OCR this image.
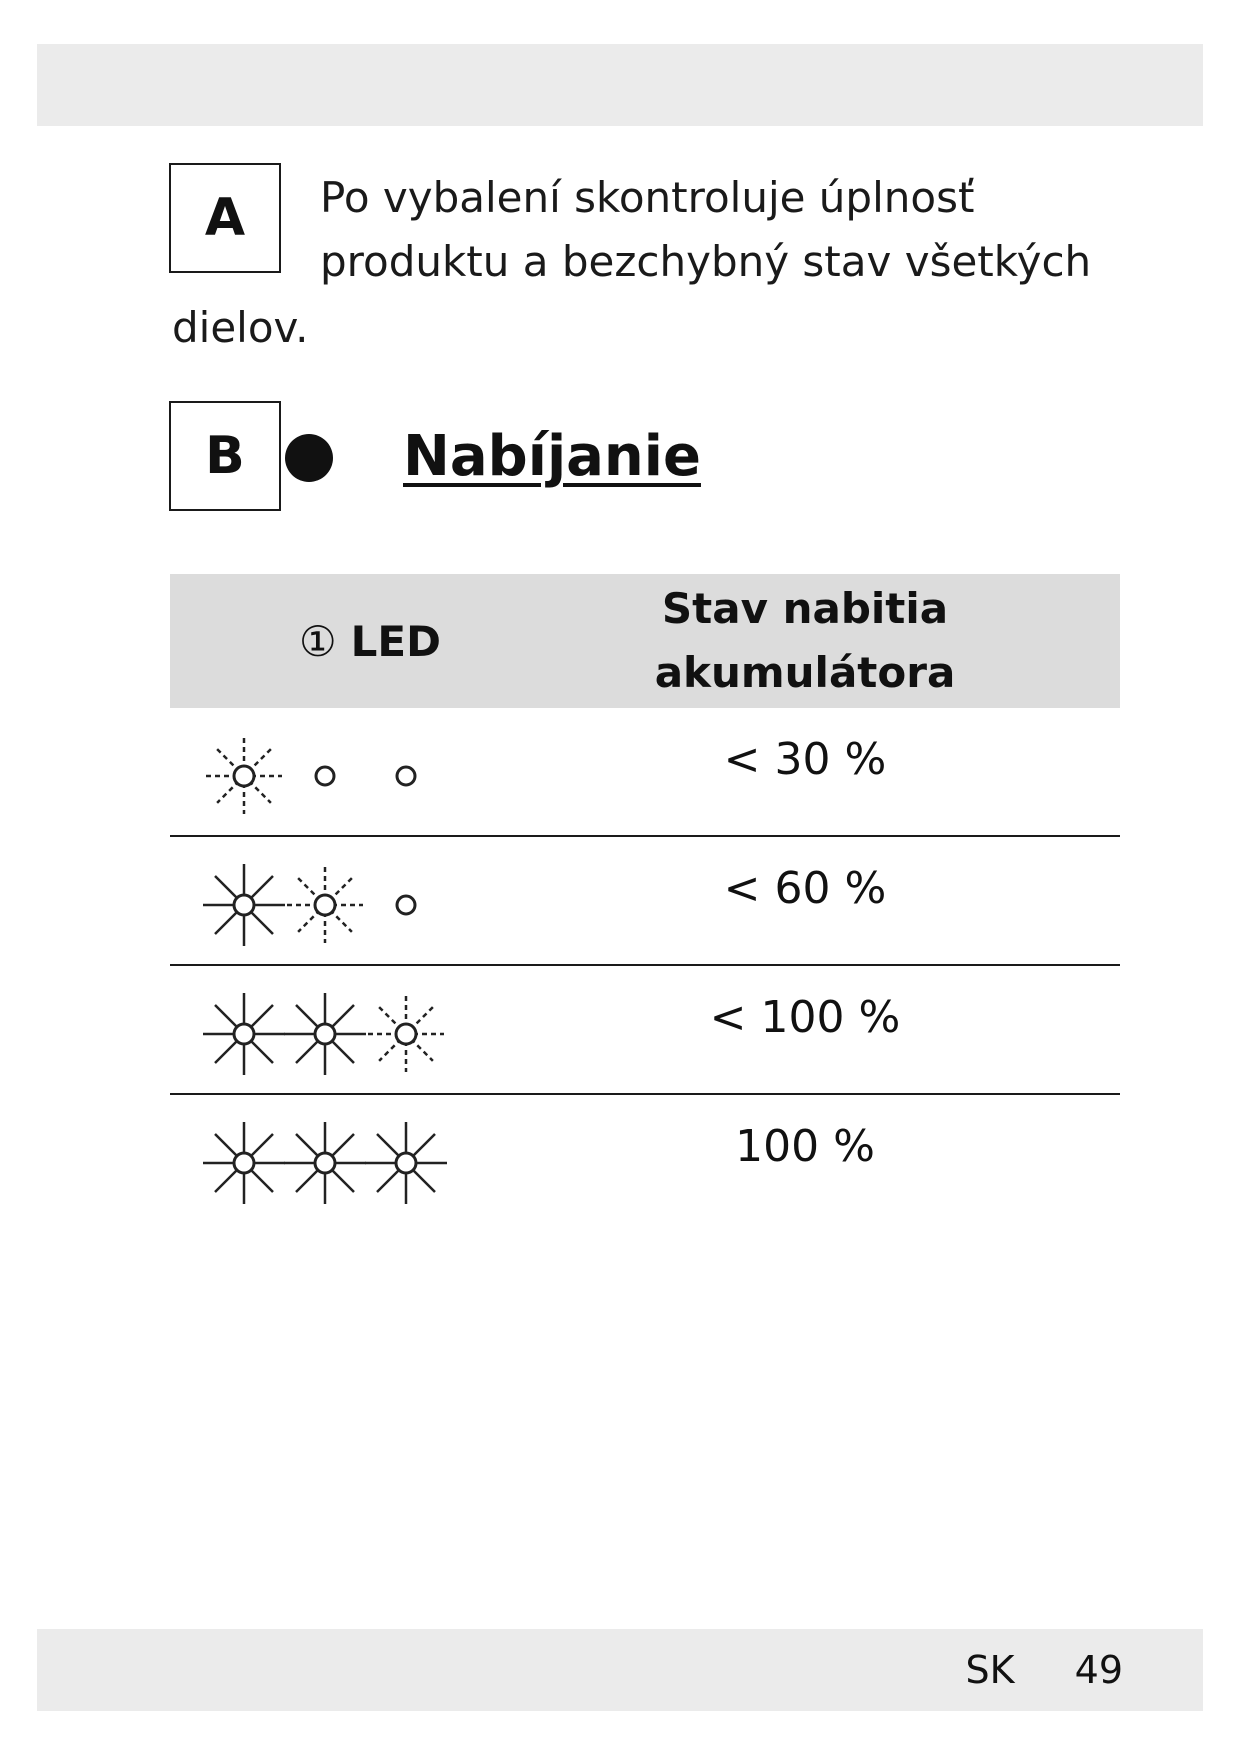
A Po vybalení skontroluje úplnosť
produktu a bezchybný stav všetkých
dielov.
B	Nabíjanie
① LED
Stav nabitia
akumulátora
< 30 %
< 60 %
< 100 %
100 %
SK 49
